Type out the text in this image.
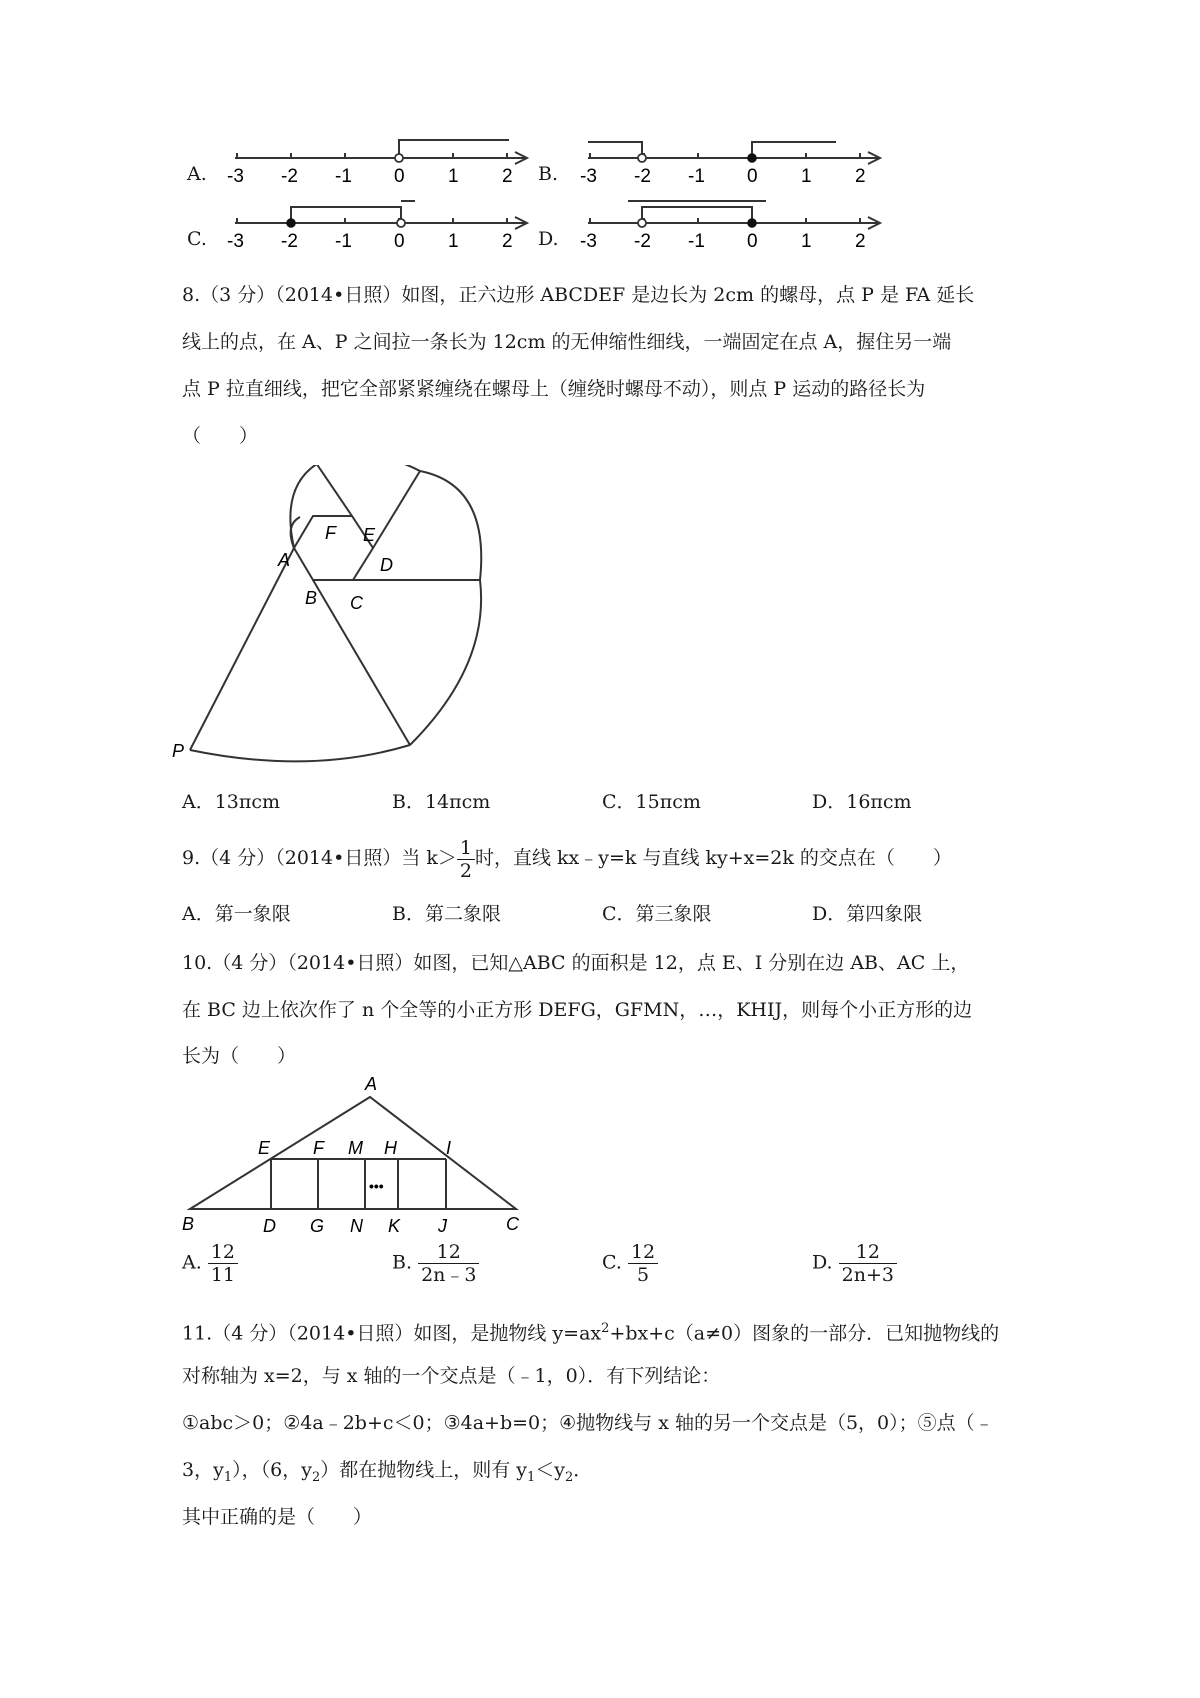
A.	B.
C.	D.
-3 -2 -1 0 1 2	-3 -2 -1 0 1 2
-3 -2 -1 0 1 2	-3 -2 -1 0 1 2
8.（3 分）（2014•日照）如图，正六边形 ABCDEF 是边长为 2cm 的螺母，点 P 是 FA 延长
线上的点，在 A、P 之间拉一条长为 12cm 的无伸缩性细线，一端固定在点 A，握住另一端
点 P 拉直细线，把它全部紧紧缠绕在螺母上（缠绕时螺母不动），则点 P 运动的路径长为
（　　）
F E
A	D
B C
P
A．13πcm	B．14πcm	C．15πcm	D．16πcm
9.（4 分）（2014•日照）当 $k> \frac{1}{2}$ 时，直线 kx﹣y=k 与直线 ky+x=2k 的交点在（　　）
A．第一象限	B．第二象限	C．第三象限	D．第四象限
10.（4 分）（2014•日照）如图，已知△ABC 的面积是 12，点 E、I 分别在边 AB、AC 上，
在 BC 边上依次作了 n 个全等的小正方形 DEFG，GFMN，…，KHIJ，则每个小正方形的边
长为（　　）
A
E F M H	I
•••
B	D G N K J	C
A. $\frac{12}{11}$	B. $\frac{12}{2n﹣3}$	C. $\frac{12}{5}$	D. $\frac{12}{2n+3}$
11.（4 分）（2014•日照）如图，是抛物线 $y=ax^2+bx+c(a\ne 0)$图象的一部分．已知抛物线的
对称轴为 x=2，与 x 轴的一个交点是（﹣1，0）．有下列结论：
①abc＞0；②4a﹣2b+c＜0；③4a+b=0；④抛物线与 x 轴的另一个交点是（5，0）；⑤点（﹣
3，$y_1$），（6，$y_2$）都在抛物线上，则有 $y_1<y_2$．
其中正确的是（　　）
